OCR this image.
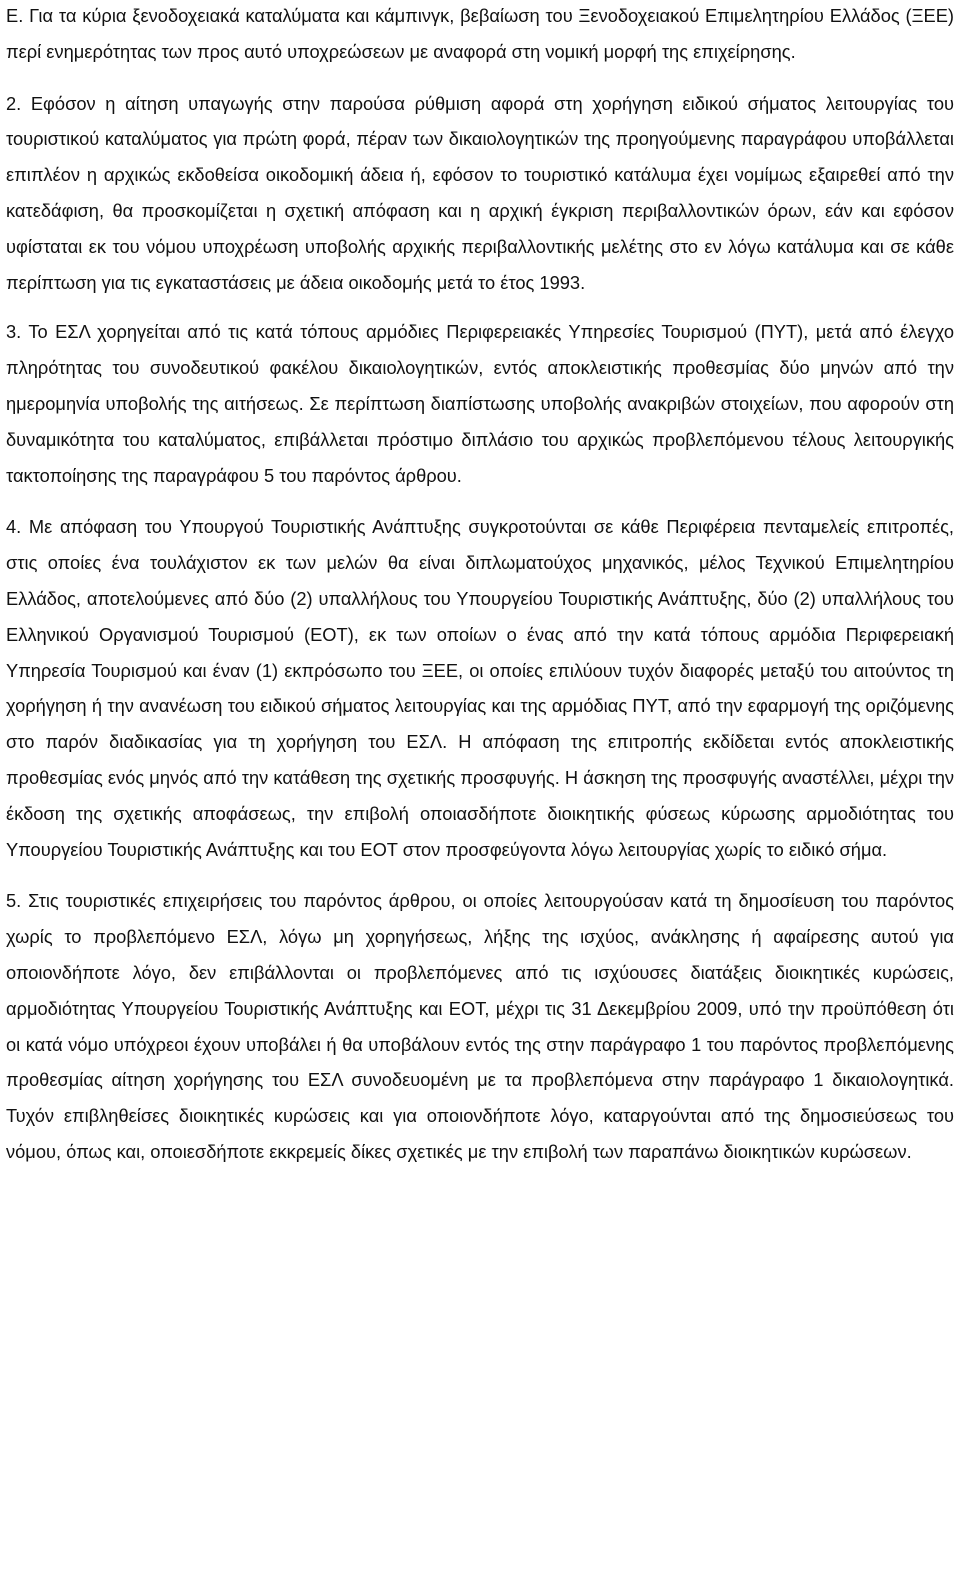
Ε. Για τα κύρια ξενοδοχειακά καταλύματα και κάμπινγκ, βεβαίωση του Ξενοδοχειακού Επιμελητηρίου Ελλάδος (ΞΕΕ) περί ενημερότητας των προς αυτό υποχρεώσεων με αναφορά στη νομική μορφή της επιχείρησης.

2. Εφόσον η αίτηση υπαγωγής στην παρούσα ρύθμιση αφορά στη χορήγηση ειδικού σήματος λειτουργίας του τουριστικού καταλύματος για πρώτη φορά, πέραν των δικαιολογητικών της προηγούμενης παραγράφου υποβάλλεται επιπλέον η αρχικώς εκδοθείσα οικοδομική άδεια ή, εφόσον το τουριστικό κατάλυμα έχει νομίμως εξαιρεθεί από την κατεδάφιση, θα προσκομίζεται η σχετική απόφαση και η αρχική έγκριση περιβαλλοντικών όρων, εάν και εφόσον υφίσταται εκ του νόμου υποχρέωση υποβολής αρχικής περιβαλλοντικής μελέτης στο εν λόγω κατάλυμα και σε κάθε περίπτωση για τις εγκαταστάσεις με άδεια οικοδομής μετά το έτος 1993.

3. Το ΕΣΛ χορηγείται από τις κατά τόπους αρμόδιες Περιφερειακές Υπηρεσίες Τουρισμού (ΠΥΤ), μετά από έλεγχο πληρότητας του συνοδευτικού φακέλου δικαιολογητικών, εντός αποκλειστικής προθεσμίας δύο μηνών από την ημερομηνία υποβολής της αιτήσεως. Σε περίπτωση διαπίστωσης υποβολής ανακριβών στοιχείων, που αφορούν στη δυναμικότητα του καταλύματος, επιβάλλεται πρόστιμο διπλάσιο του αρχικώς προβλεπόμενου τέλους λειτουργικής τακτοποίησης της παραγράφου 5 του παρόντος άρθρου.

4. Με απόφαση του Υπουργού Τουριστικής Ανάπτυξης συγκροτούνται σε κάθε Περιφέρεια πενταμελείς επιτροπές, στις οποίες ένα τουλάχιστον εκ των μελών θα είναι διπλωματούχος μηχανικός, μέλος Τεχνικού Επιμελητηρίου Ελλάδος, αποτελούμενες από δύο (2) υπαλλήλους του Υπουργείου Τουριστικής Ανάπτυξης, δύο (2) υπαλλήλους του Ελληνικού Οργανισμού Τουρισμού (ΕΟΤ), εκ των οποίων ο ένας από την κατά τόπους αρμόδια Περιφερειακή Υπηρεσία Τουρισμού και έναν (1) εκπρόσωπο του ΞΕΕ, οι οποίες επιλύουν τυχόν διαφορές μεταξύ του αιτούντος τη χορήγηση ή την ανανέωση του ειδικού σήματος λειτουργίας και της αρμόδιας ΠΥΤ, από την εφαρμογή της οριζόμενης στο παρόν διαδικασίας για τη χορήγηση του ΕΣΛ. Η απόφαση της επιτροπής εκδίδεται εντός αποκλειστικής προθεσμίας ενός μηνός από την κατάθεση της σχετικής προσφυγής. Η άσκηση της προσφυγής αναστέλλει, μέχρι την έκδοση της σχετικής αποφάσεως, την επιβολή οποιασδήποτε διοικητικής φύσεως κύρωσης αρμοδιότητας του Υπουργείου Τουριστικής Ανάπτυξης και του ΕΟΤ στον προσφεύγοντα λόγω λειτουργίας χωρίς το ειδικό σήμα.

5. Στις τουριστικές επιχειρήσεις του παρόντος άρθρου, οι οποίες λειτουργούσαν κατά τη δημοσίευση του παρόντος χωρίς το προβλεπόμενο ΕΣΛ, λόγω μη χορηγήσεως, λήξης της ισχύος, ανάκλησης ή αφαίρεσης αυτού για οποιονδήποτε λόγο, δεν επιβάλλονται οι προβλεπόμενες από τις ισχύουσες διατάξεις διοικητικές κυρώσεις, αρμοδιότητας Υπουργείου Τουριστικής Ανάπτυξης και ΕΟΤ, μέχρι τις 31 Δεκεμβρίου 2009, υπό την προϋπόθεση ότι οι κατά νόμο υπόχρεοι έχουν υποβάλει ή θα υποβάλουν εντός της στην παράγραφο 1 του παρόντος προβλεπόμενης προθεσμίας αίτηση χορήγησης του ΕΣΛ συνοδευομένη με τα προβλεπόμενα στην παράγραφο 1 δικαιολογητικά. Τυχόν επιβληθείσες διοικητικές κυρώσεις και για οποιονδήποτε λόγο, καταργούνται από της δημοσιεύσεως του νόμου, όπως και, οποιεσδήποτε εκκρεμείς δίκες σχετικές με την επιβολή των παραπάνω διοικητικών κυρώσεων.
